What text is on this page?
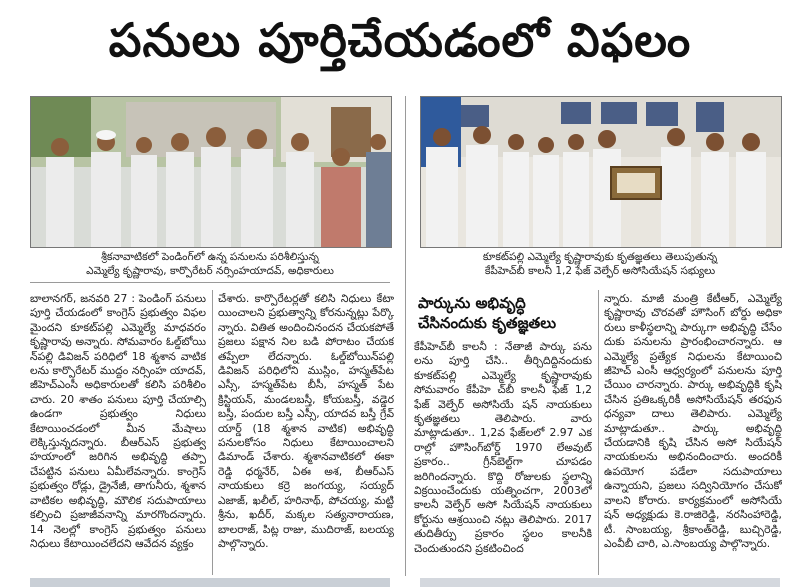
పనులు పూర్తిచేయడంలో విఫలం
శ్రీకనావాటికలో పెండింగ్‌లో ఉన్న పనులను పరిశీలిస్తున్న
ఎమ్మెల్యే కృష్ణారావు, కార్పొరేటర్ నర్సింహయాదవ్, అధికారులు
కూకట్‌పల్లి ఎమ్మెల్యే కృష్ణారావుకు కృతజ్ఞతలు తెలుపుతున్న
కేపీహెచ్‌బీ కాలనీ 1,2 ఫేజ్ వెల్ఫేర్ అసోసియేషన్ సభ్యులు

బాలానగర్, జనవరి 27 : పెండింగ్ పనులు పూర్తి చేయడంలో కాంగ్రెస్ ప్రభుత్వం విఫల మైందని కూకట్‌పల్లి ఎమ్మెల్యే మాధవరం కృష్ణారావు అన్నారు. సోమవారం ఓల్డ్‌బోయి న్‌పల్లి డివిజన్ పరిధిలో 18 శ్మశాన వాటిక లను కార్పొరేటర్ ముద్దం నర్సింహ యాదవ్, జీహెచ్‌ఎంసీ అధికారులతో కలిసి పరిశీలిం చారు. 20 శాతం పనులు పూర్తి చేయాల్సి ఉండగా ప్రభుత్వం నిధులు కేటాయించడంలో మీన మేషాలు లెక్కిస్తున్నదన్నారు. బీఆర్‌ఎస్ ప్రభుత్వ హయాంలో జరిగిన అభివృద్ధి తప్పా చేపట్టిన పనులు ఏమీలేవన్నారు. కాంగ్రెస్ ప్రభుత్వం రోడ్లు, డ్రైనేజీ, తాగునీరు, శ్మశాన వాటికల అభివృద్ధి, మౌలిక సదుపాయాలు కల్పించి ప్రజాజీవనాన్ని మారగొందన్నారు. 14 నెలల్లో కాంగ్రెస్ ప్రభుత్వం పనులు నిధులు కేటాయించలేదని ఆవేదన వ్యక్తం

చేశారు. కార్పొరేటర్లతో కలిసి నిధులు కేటా యించాలని ప్రభుత్వాన్ని కోరనున్నట్లు పేర్కొ న్నారు. వితిత అందించినందన చేయకపోతే ప్రజలు పక్షాన నిల బడి పోరాటం చేయక తప్పేలా లేదన్నారు. ఓల్డ్‌బోయిన్‌పల్లి డివిజన్ పరిధిలోని ముస్లిం, హస్మత్‌పేట ఎస్సీ, హస్మత్‌పేట బీసీ, హస్మత్ పేట క్రిస్టియన్, మండలబస్తీ, కోయబస్తీ, వడ్డెర బస్తీ, పందుల బస్తీ ఎస్సీ, యాదవ బస్తీ గ్రేవ్ యార్డ్ (18 శ్మశాన వాటిక) అభివృద్ధి పనులకోసం నిధులు కేటాయించాలని డిమాండ్ చేశారు. శ్మశానవాటికలో ఈకా రెడ్డి ధర్మనేర్, ఏఈ అశ, బీఆర్‌ఎస్ నాయకులు కర్రె జంగయ్య, సయ్యద్ ఎజాజ్, ఖలీల్, హరినాథ్, పోచయ్య, మట్టి శ్రీను, ఖదీర్, మక్కల సత్యనారాయణ, బాలరాజ్, పిట్ల రాజు, ముదిరాజ్, బలయ్య పాల్గొన్నారు.

పార్కును అభివృద్ధి చేసినందుకు కృతజ్ఞతలు

కేపీహెచ్‌బీ కాలనీ : నేతాజీ పార్కు పను లను పూర్తి చేసి.. తీర్చిదిద్దినందుకు కూకట్‌పల్లి ఎమ్మెల్యే కృష్ణారావుకు సోమవారం కేపీహె చ్‌బీ కాలనీ ఫేజ్ 1,2 ఫేజ్ వెల్ఫేర్ అసోసియే షన్ నాయకులు కృతజ్ఞతలు తెలిపారు. వారు మాట్లాడుతూ.. 1,2వ ఫేజ్‌లలో 2.97 ఎక రాల్లో హౌసింగ్‌బోర్డ్ 1970 లేఅవుట్ ప్రకారం.. గ్రీన్‌బెల్ట్‌గా చూపడం జరిగిందన్నారు. కొద్ది రోజులకు స్థలాన్ని విక్రయించేందుకు యత్నించగా, 2003లో కాలనీ వెల్ఫేర్ అసో సియేషన్ నాయకులు కోర్టును ఆశ్రయించి నట్లు తెలిపారు. 2017 తుదితీర్పు ప్రకారం స్థలం కాలనీకి చెందుతుందని ప్రకటించింద

న్నారు. మాజీ మంత్రి కేటీఆర్, ఎమ్మెల్యే కృష్ణారావు చొరవతో హౌసింగ్ బోర్డు అధికా రులు కాళీస్థలాన్ని పార్కుగా అభివృద్ధి చేసేం దుకు పనులను ప్రారంభించారన్నారు. ఆ ఎమ్మెల్యే ప్రత్యేక నిధులను కేటాయించి జీహెచ్ ఎంసీ ఆధ్వర్యంలో పనులను పూర్తి చేయిం చారన్నారు. పార్కు అభివృద్ధికి కృషి చేసిన ప్రతిఒక్కరికీ అసోసియేషన్ తరఫున ధన్యవా దాలు తెలిపారు. ఎమ్మెల్యే మాట్లాడుతూ.. పార్కు అభివృద్ధి చేయడానికి కృషి చేసిన అసో సియేషన్ నాయకులను అభినందించారు. అందరికీ ఉపయోగ పడేలా సదుపాయాలు ఉన్నాయని, ప్రజలు సద్వినియోగం చేసుకో వాలని కోరారు. కార్యక్రమంలో అసోసియే షన్ అధ్యక్షుడు కె.రాజిరెడ్డి, నరసింహారెడ్డి, టీ. సాంబయ్య, శ్రీకాంత్‌రెడ్డి, బుచ్చిరెడ్డి, ఎంవీబీ చారి, ఎ.సాంబయ్య పాల్గొన్నారు.
